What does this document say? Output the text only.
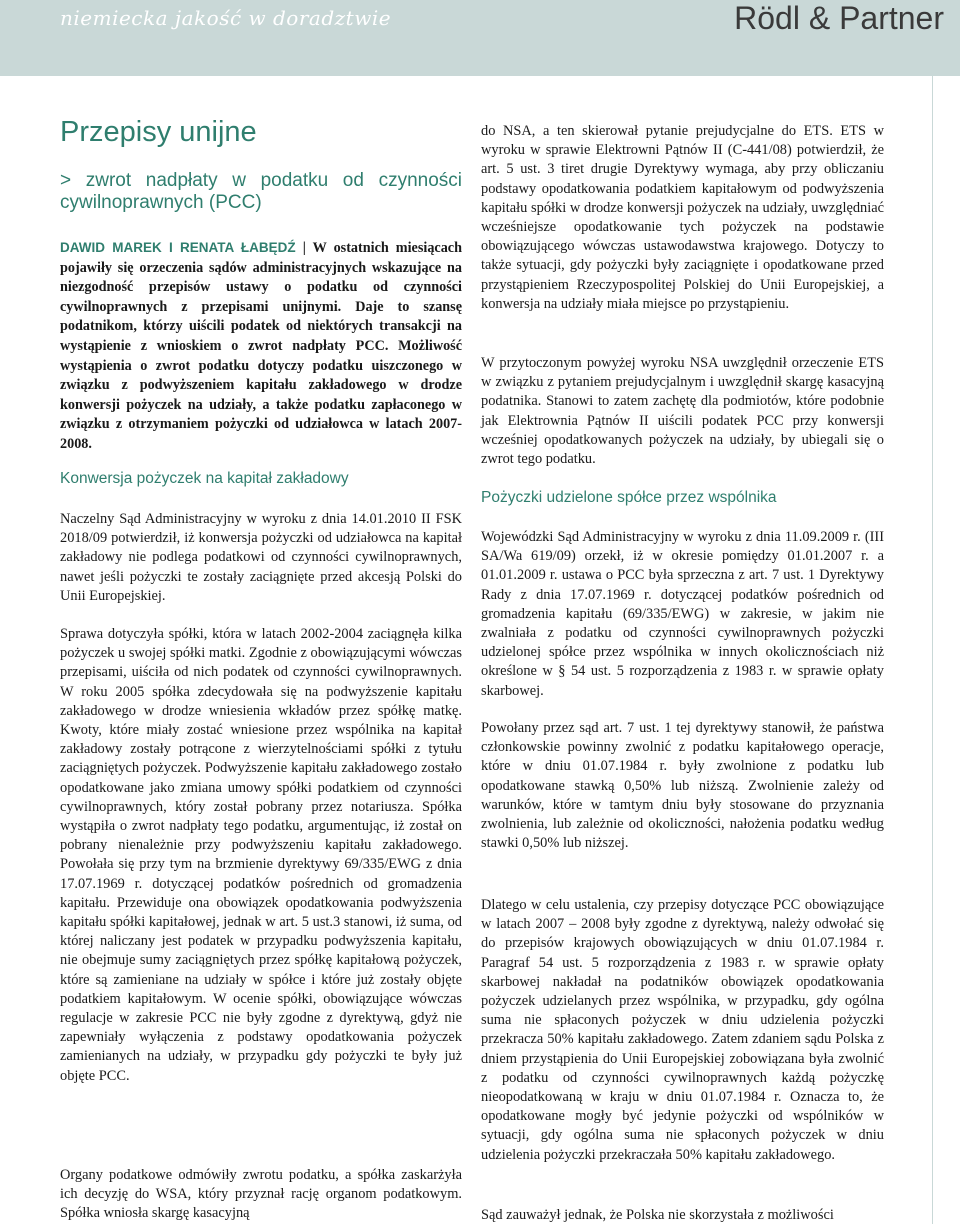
niemiecka jakość w doradztwie	Rödl & Partner
Przepisy unijne

> zwrot nadpłaty w podatku od czynności cywilnoprawnych (PCC)

DAWID MAREK I RENATA ŁABĘDŹ | W ostatnich miesiącach pojawiły się orzeczenia sądów administracyjnych wskazujące na niezgodność przepisów ustawy o podatku od czynności cywilnoprawnych z przepisami unijnymi. Daje to szansę podatnikom, którzy uiścili podatek od niektórych transakcji na wystąpienie z wnioskiem o zwrot nadpłaty PCC. Możliwość wystąpienia o zwrot podatku dotyczy podatku uiszczonego w związku z podwyższeniem kapitału zakładowego w drodze konwersji pożyczek na udziały, a także podatku zapłaconego w związku z otrzymaniem pożyczki od udziałowca w latach 2007-2008.

Konwersja pożyczek na kapitał zakładowy

Naczelny Sąd Administracyjny w wyroku z dnia 14.01.2010 II FSK 2018/09 potwierdził, iż konwersja pożyczki od udziałowca na kapitał zakładowy nie podlega podatkowi od czynności cywilnoprawnych, nawet jeśli pożyczki te zostały zaciągnięte przed akcesją Polski do Unii Europejskiej.

Sprawa dotyczyła spółki, która w latach 2002-2004 zaciągnęła kilka pożyczek u swojej spółki matki. Zgodnie z obowiązującymi wówczas przepisami, uiściła od nich podatek od czynności cywilnoprawnych. W roku 2005 spółka zdecydowała się na podwyższenie kapitału zakładowego w drodze wniesienia wkładów przez spółkę matkę. Kwoty, które miały zostać wniesione przez wspólnika na kapitał zakładowy zostały potrącone z wierzytelnościami spółki z tytułu zaciągniętych pożyczek. Podwyższenie kapitału zakładowego zostało opodatkowane jako zmiana umowy spółki podatkiem od czynności cywilnoprawnych, który został pobrany przez notariusza. Spółka wystąpiła o zwrot nadpłaty tego podatku, argumentując, iż został on pobrany nienależnie przy podwyższeniu kapitału zakładowego. Powołała się przy tym na brzmienie dyrektywy 69/335/EWG z dnia 17.07.1969 r. dotyczącej podatków pośrednich od gromadzenia kapitału. Przewiduje ona obowiązek opodatkowania podwyższenia kapitału spółki kapitałowej, jednak w art. 5 ust.3 stanowi, iż suma, od której naliczany jest podatek w przypadku podwyższenia kapitału, nie obejmuje sumy zaciągniętych przez spółkę kapitałową pożyczek, które są zamieniane na udziały w spółce i które już zostały objęte podatkiem kapitałowym. W ocenie spółki, obowiązujące wówczas regulacje w zakresie PCC nie były zgodne z dyrektywą, gdyż nie zapewniały wyłączenia z podstawy opodatkowania pożyczek zamienianych na udziały, w przypadku gdy pożyczki te były już objęte PCC.

Organy podatkowe odmówiły zwrotu podatku, a spółka zaskarżyła ich decyzję do WSA, który przyznał rację organom podatkowym. Spółka wniosła skargę kasacyjną

do NSA, a ten skierował pytanie prejudycjalne do ETS. ETS w wyroku w sprawie Elektrowni Pątnów II (C-441/08) potwierdził, że art. 5 ust. 3 tiret drugie Dyrektywy wymaga, aby przy obliczaniu podstawy opodatkowania podatkiem kapitałowym od podwyższenia kapitału spółki w drodze konwersji pożyczek na udziały, uwzględniać wcześniejsze opodatkowanie tych pożyczek na podstawie obowiązującego wówczas ustawodawstwa krajowego. Dotyczy to także sytuacji, gdy pożyczki były zaciągnięte i opodatkowane przed przystąpieniem Rzeczypospolitej Polskiej do Unii Europejskiej, a konwersja na udziały miała miejsce po przystąpieniu.

W przytoczonym powyżej wyroku NSA uwzględnił orzeczenie ETS w związku z pytaniem prejudycjalnym i uwzględnił skargę kasacyjną podatnika. Stanowi to zatem zachętę dla podmiotów, które podobnie jak Elektrownia Pątnów II uiścili podatek PCC przy konwersji wcześniej opodatkowanych pożyczek na udziały, by ubiegali się o zwrot tego podatku.

Pożyczki udzielone spółce przez wspólnika

Wojewódzki Sąd Administracyjny w wyroku z dnia 11.09.2009 r. (III SA/Wa 619/09) orzekł, iż w okresie pomiędzy 01.01.2007 r. a 01.01.2009 r. ustawa o PCC była sprzeczna z art. 7 ust. 1 Dyrektywy Rady z dnia 17.07.1969 r. dotyczącej podatków pośrednich od gromadzenia kapitału (69/335/EWG) w zakresie, w jakim nie zwalniała z podatku od czynności cywilnoprawnych pożyczki udzielonej spółce przez wspólnika w innych okolicznościach niż określone w § 54 ust. 5 rozporządzenia z 1983 r. w sprawie opłaty skarbowej.

Powołany przez sąd art. 7 ust. 1 tej dyrektywy stanowił, że państwa członkowskie powinny zwolnić z podatku kapitałowego operacje, które w dniu 01.07.1984 r. były zwolnione z podatku lub opodatkowane stawką 0,50% lub niższą. Zwolnienie zależy od warunków, które w tamtym dniu były stosowane do przyznania zwolnienia, lub zależnie od okoliczności, nałożenia podatku według stawki 0,50% lub niższej.

Dlatego w celu ustalenia, czy przepisy dotyczące PCC obowiązujące w latach 2007 – 2008 były zgodne z dyrektywą, należy odwołać się do przepisów krajowych obowiązujących w dniu 01.07.1984 r. Paragraf 54 ust. 5 rozporządzenia z 1983 r. w sprawie opłaty skarbowej nakładał na podatników obowiązek opodatkowania pożyczek udzielanych przez wspólnika, w przypadku, gdy ogólna suma nie spłaconych pożyczek w dniu udzielenia pożyczki przekracza 50% kapitału zakładowego. Zatem zdaniem sądu Polska z dniem przystąpienia do Unii Europejskiej zobowiązana była zwolnić z podatku od czynności cywilnoprawnych każdą pożyczkę nieopodatkowaną w kraju w dniu 01.07.1984 r. Oznacza to, że opodatkowane mogły być jedynie pożyczki od wspólników w sytuacji, gdy ogólna suma nie spłaconych pożyczek w dniu udzielenia pożyczki przekraczała 50% kapitału zakładowego.

Sąd zauważył jednak, że Polska nie skorzystała z możliwości
